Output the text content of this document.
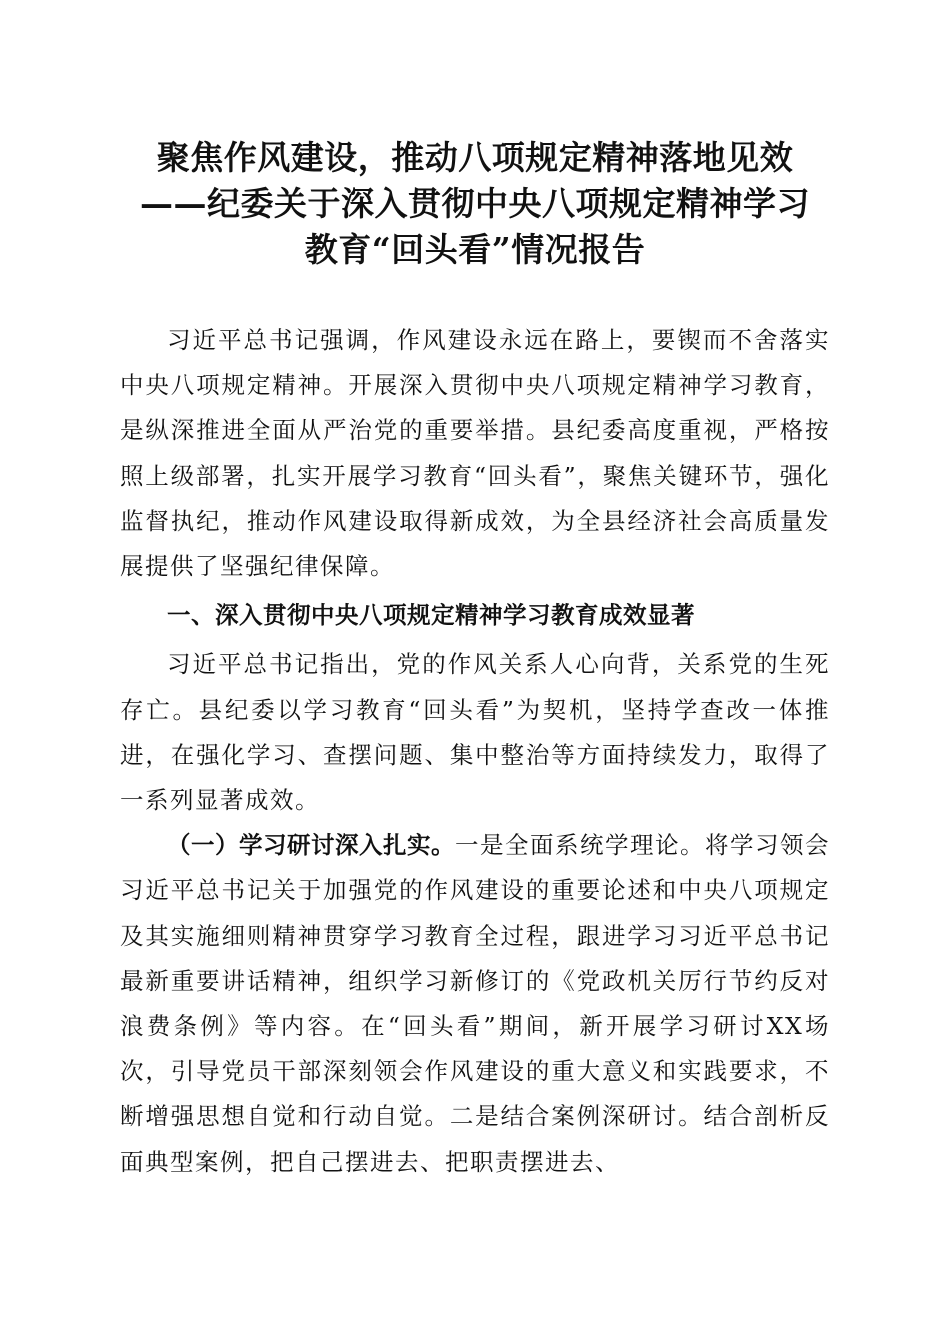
聚焦作风建设，推动八项规定精神落地见效
——纪委关于深入贯彻中央八项规定精神学习
教育“回头看”情况报告

习近平总书记强调，作风建设永远在路上，要锲而不舍落实中央八项规定精神。开展深入贯彻中央八项规定精神学习教育，是纵深推进全面从严治党的重要举措。县纪委高度重视，严格按照上级部署，扎实开展学习教育“回头看”，聚焦关键环节，强化监督执纪，推动作风建设取得新成效，为全县经济社会高质量发展提供了坚强纪律保障。

一、深入贯彻中央八项规定精神学习教育成效显著

习近平总书记指出，党的作风关系人心向背，关系党的生死存亡。县纪委以学习教育“回头看”为契机，坚持学查改一体推进，在强化学习、查摆问题、集中整治等方面持续发力，取得了一系列显著成效。

（一）学习研讨深入扎实。一是全面系统学理论。将学习领会习近平总书记关于加强党的作风建设的重要论述和中央八项规定及其实施细则精神贯穿学习教育全过程，跟进学习习近平总书记最新重要讲话精神，组织学习新修订的《党政机关厉行节约反对浪费条例》等内容。在“回头看”期间，新开展学习研讨XX场次，引导党员干部深刻领会作风建设的重大意义和实践要求，不断增强思想自觉和行动自觉。二是结合案例深研讨。结合剖析反面典型案例，把自己摆进去、把职责摆进去、
